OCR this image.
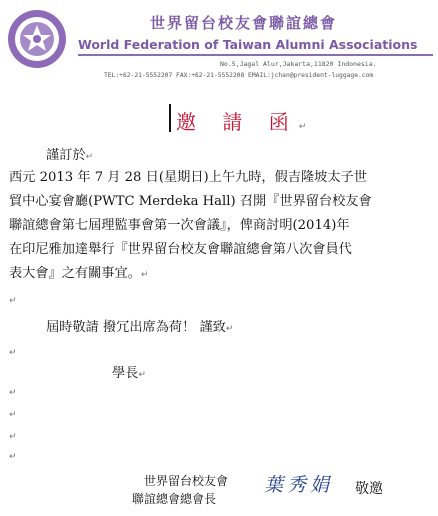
世界留台校友會聯誼總會
World Federation of Taiwan Alumni Associations
No.5,Jagal Alur,Jakarta,11820 Indonesia.
TEL:+62-21-5552207 FAX:+62-21-5552208 EMAIL:jchan@president-luggage.com
邀 請 函↵
謹訂於↵
西元 2013 年 7 月 28 日(星期日)上午九時，假吉隆坡太子世
貿中心宴會廳(PWTC Merdeka Hall) 召開『世界留台校友會
聯誼總會第七屆理監事會第一次會議』，俾商討明(2014)年
在印尼雅加達舉行『世界留台校友會聯誼總會第八次會員代
表大會』之有關事宜。↵
↵
屆時敬請 撥冗出席為荷！ 謹致↵
↵
學長↵
↵
↵
↵
↵
世界留台校友會
聯誼總會總會長
葉秀娟 敬邀
